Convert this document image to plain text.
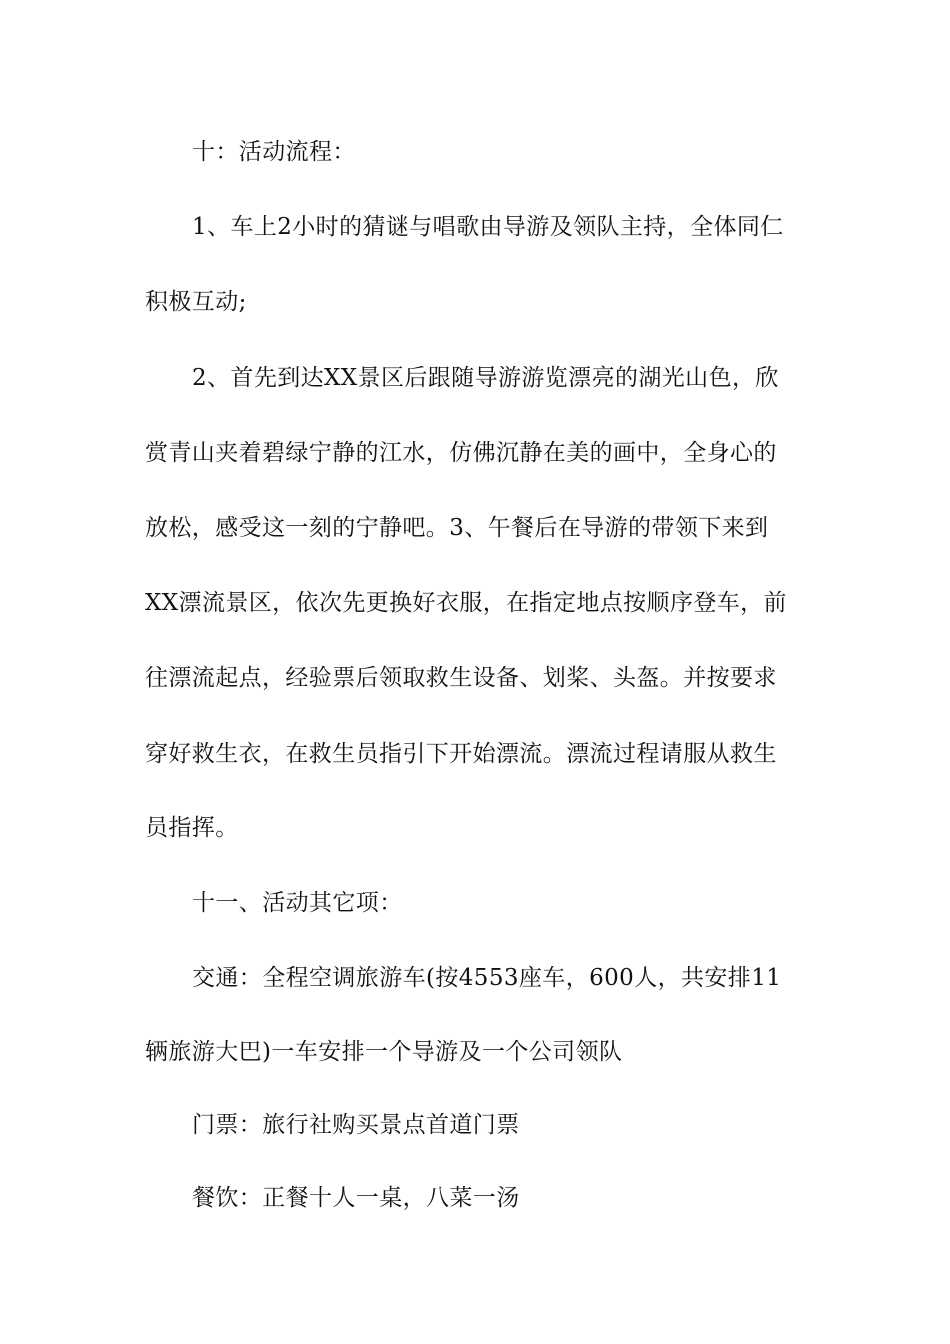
十：活动流程：
1、车上2小时的猜谜与唱歌由导游及领队主持，全体同仁
积极互动;
2、首先到达XX景区后跟随导游游览漂亮的湖光山色，欣
赏青山夹着碧绿宁静的江水，仿佛沉静在美的画中，全身心的
放松，感受这一刻的宁静吧。3、午餐后在导游的带领下来到
XX漂流景区，依次先更换好衣服，在指定地点按顺序登车，前
往漂流起点，经验票后领取救生设备、划桨、头盔。并按要求
穿好救生衣，在救生员指引下开始漂流。漂流过程请服从救生
员指挥。
十一、活动其它项：
交通：全程空调旅游车(按4553座车，600人，共安排11
辆旅游大巴)一车安排一个导游及一个公司领队
门票：旅行社购买景点首道门票
餐饮：正餐十人一桌，八菜一汤
